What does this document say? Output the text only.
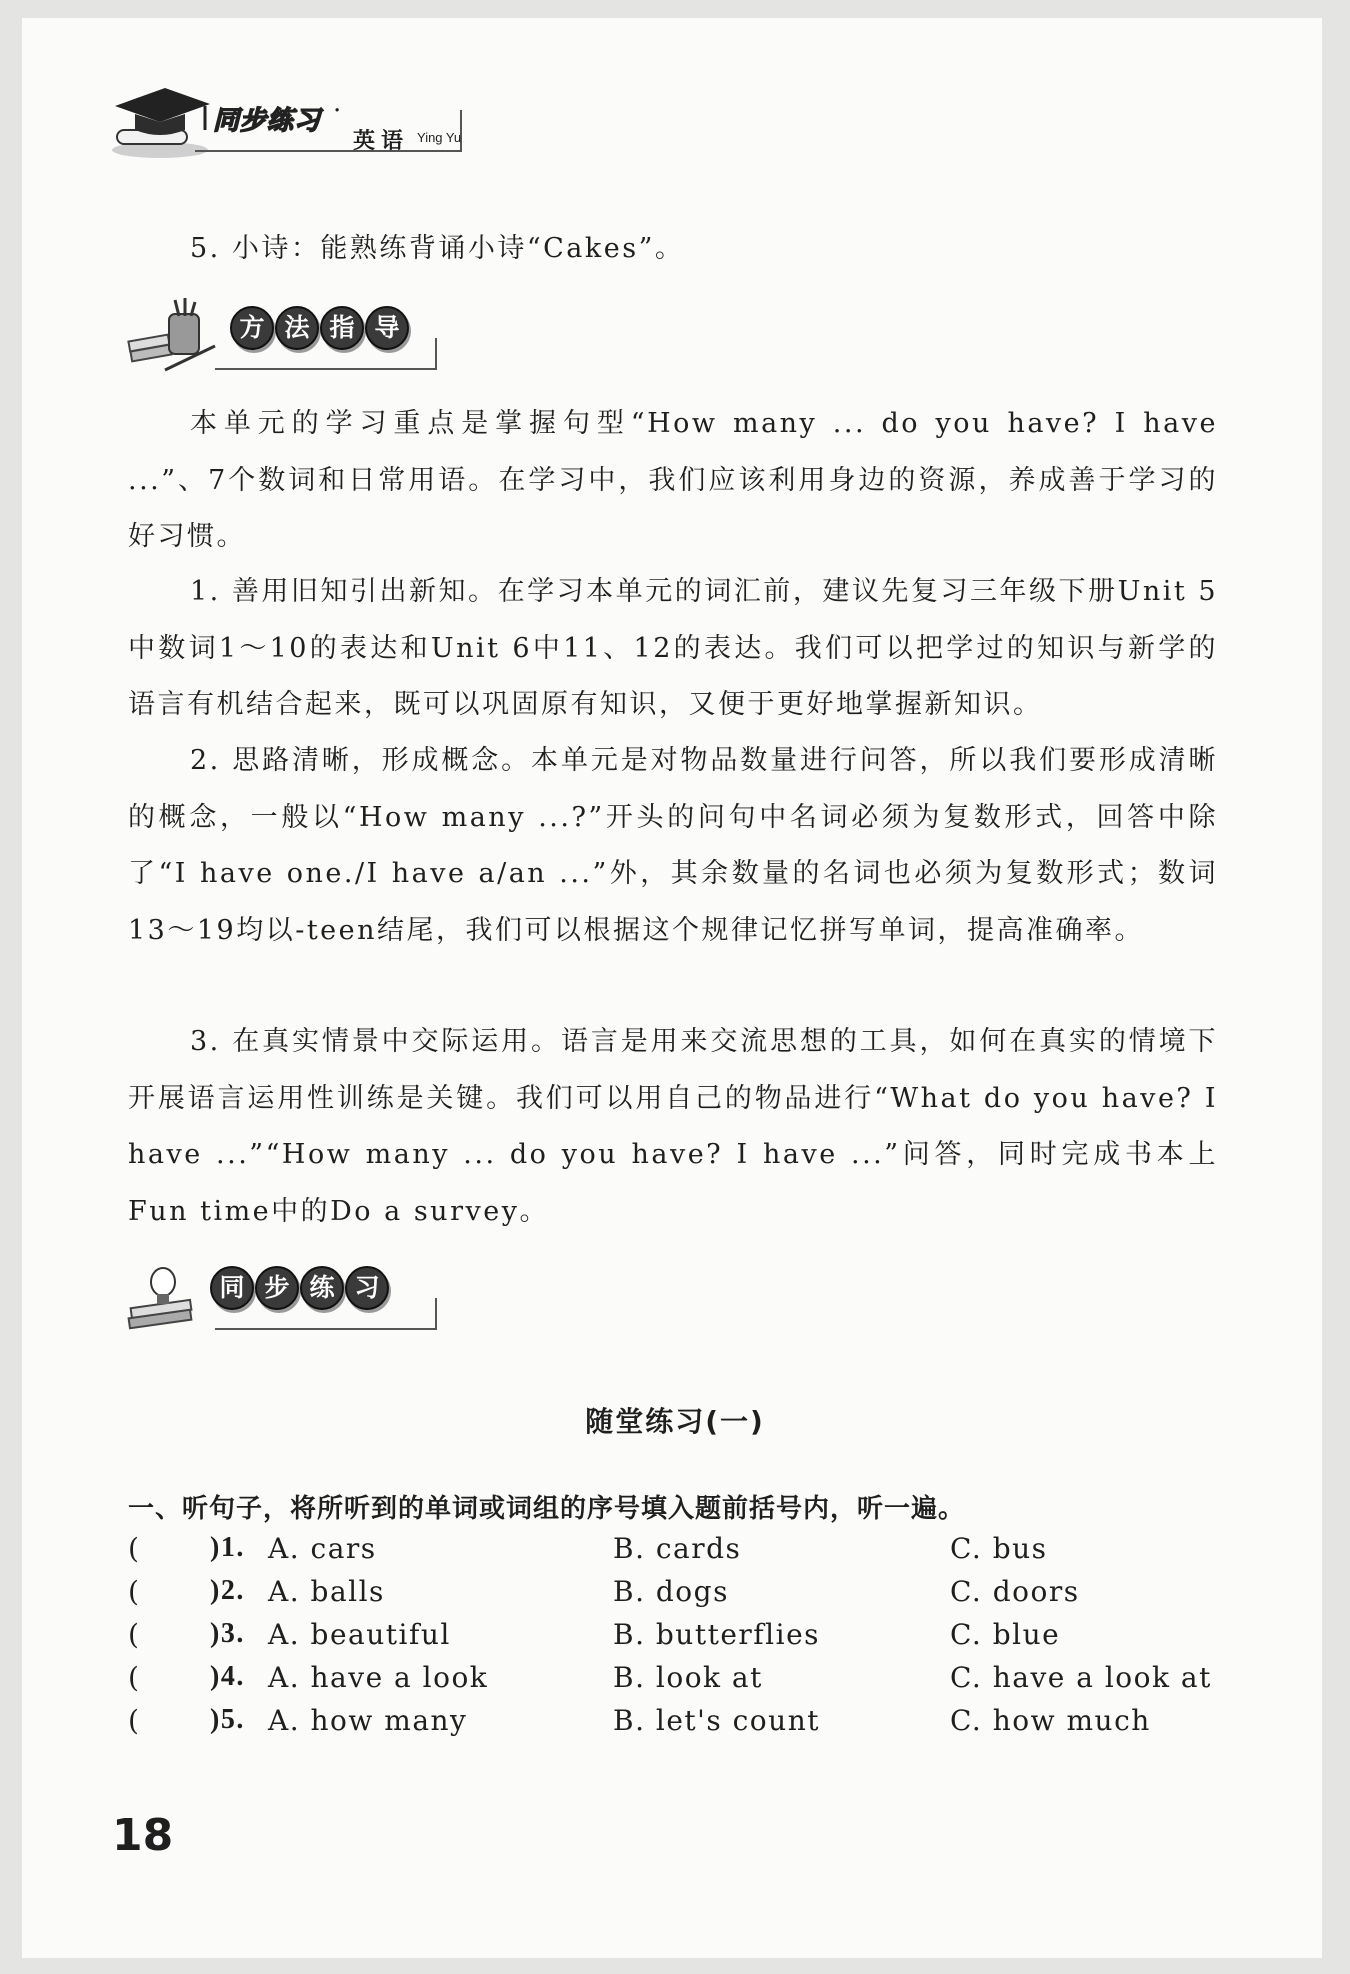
同步练习 ·
英语 Ying Yu
5. 小诗：能熟练背诵小诗“Cakes”。
方 法 指 导

本单元的学习重点是掌握句型“How many ... do you have? I have ...”、7个数词和日常用语。在学习中，我们应该利用身边的资源，养成善于学习的好习惯。

1. 善用旧知引出新知。在学习本单元的词汇前，建议先复习三年级下册Unit 5中数词1～10的表达和Unit 6中11、12的表达。我们可以把学过的知识与新学的语言有机结合起来，既可以巩固原有知识，又便于更好地掌握新知识。

2. 思路清晰，形成概念。本单元是对物品数量进行问答，所以我们要形成清晰的概念，一般以“How many ...?”开头的问句中名词必须为复数形式，回答中除了“I have one./I have a/an ...”外，其余数量的名词也必须为复数形式；数词13～19均以-teen结尾，我们可以根据这个规律记忆拼写单词，提高准确率。

3. 在真实情景中交际运用。语言是用来交流思想的工具，如何在真实的情境下开展语言运用性训练是关键。我们可以用自己的物品进行“What do you have? I have ...”“How many ... do you have? I have ...”问答，同时完成书本上Fun time中的Do a survey。

同 步 练 习
随堂练习(一)
一、听句子，将所听到的单词或词组的序号填入题前括号内，听一遍。
( )1. A. cars	B. cards	C. bus
( )2. A. balls	B. dogs	C. doors
( )3. A. beautiful	B. butterflies	C. blue
( )4. A. have a look	B. look at	C. have a look at
( )5. A. how many	B. let's count	C. how much
18
